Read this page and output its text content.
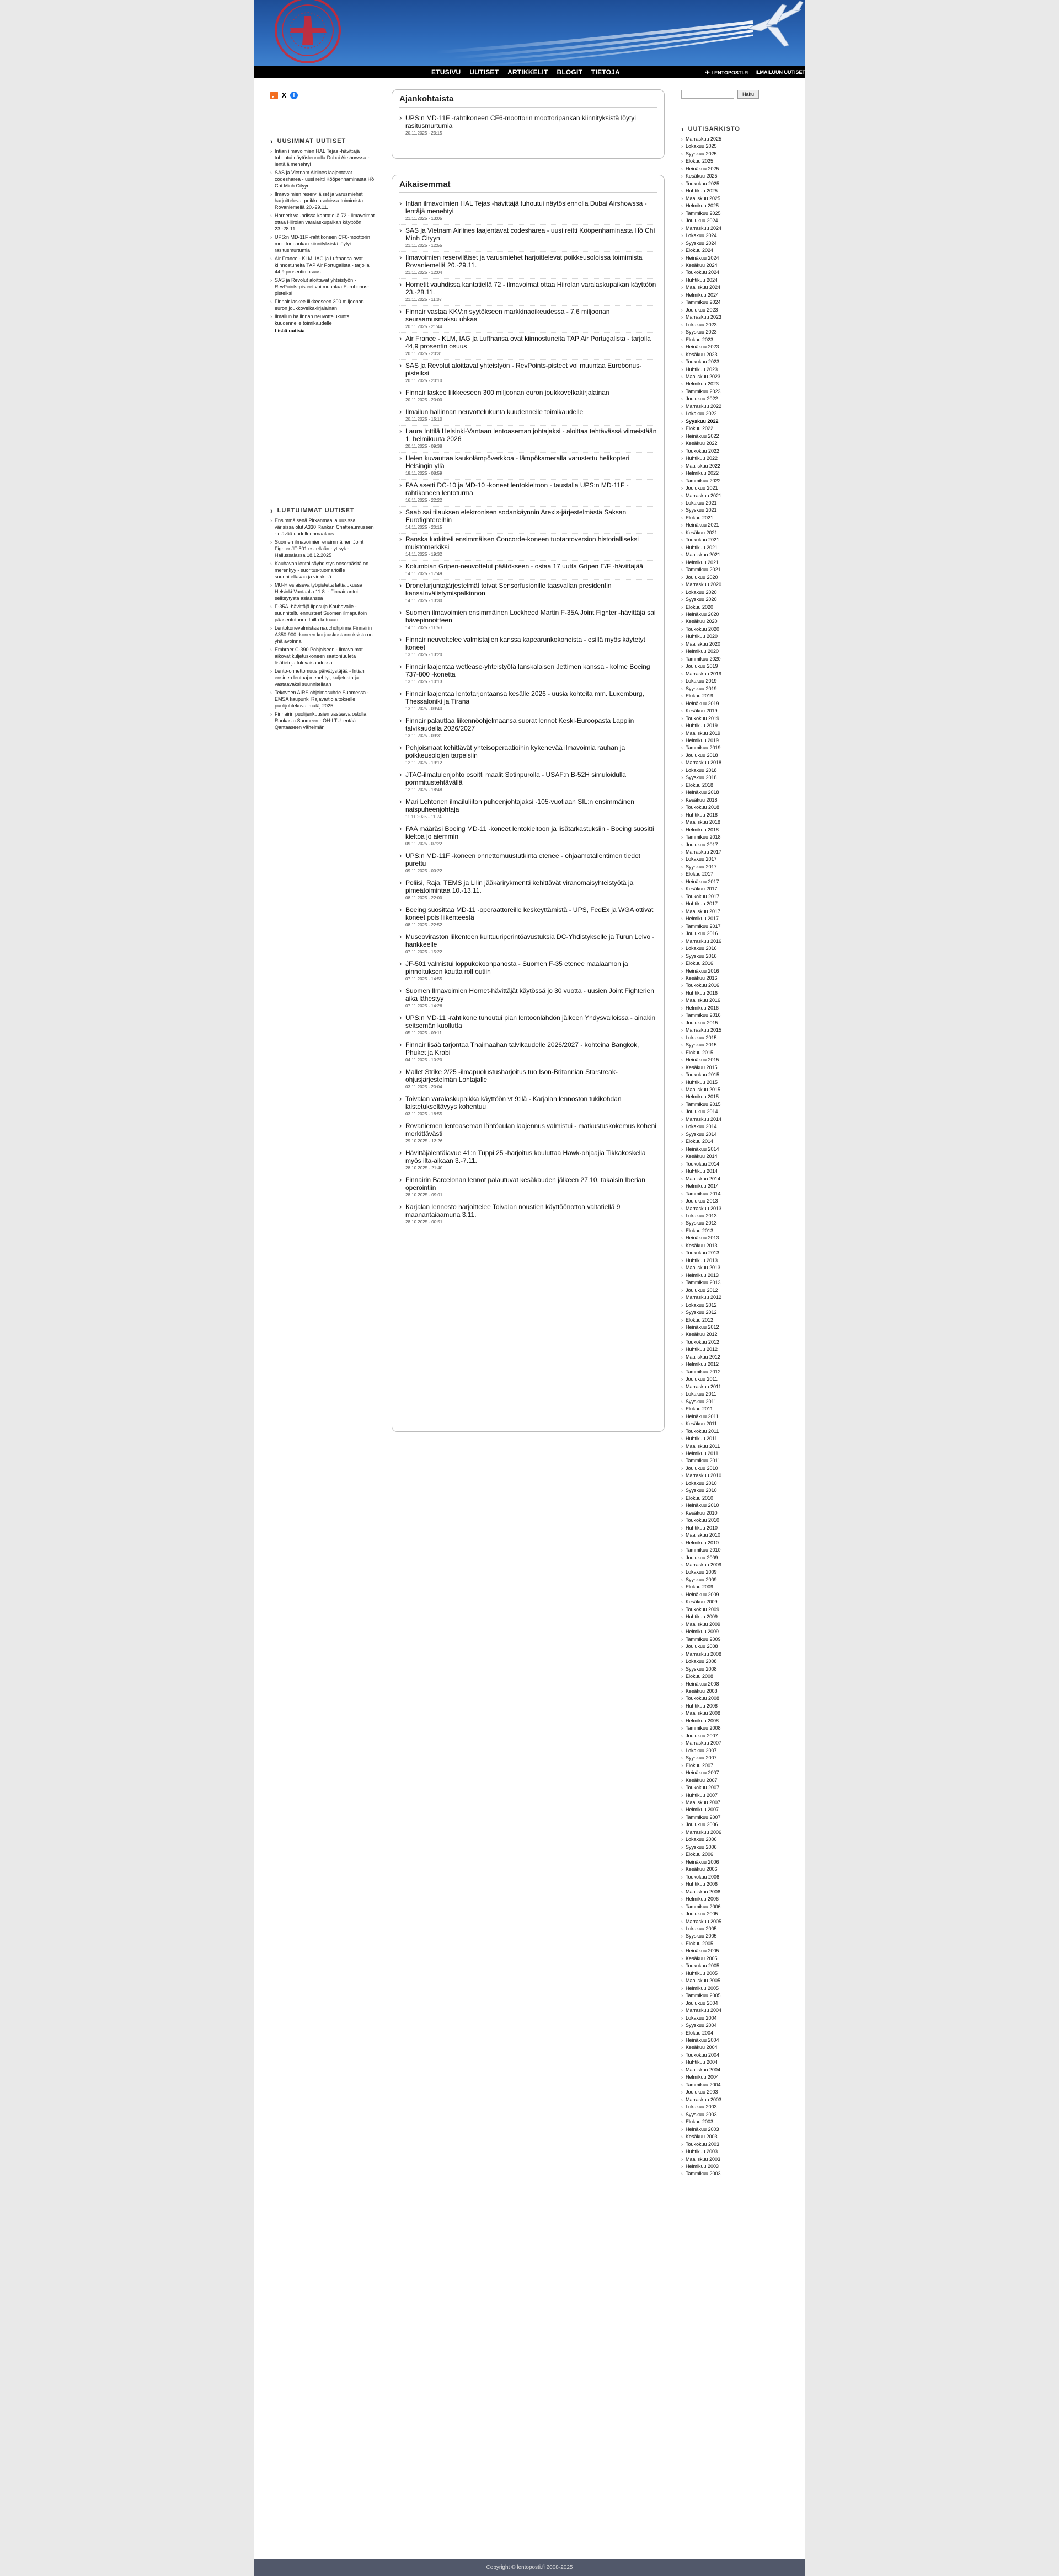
ETUSIVU UUTISET ARTIKKELIT BLOGIT TIETOJA	✈ LENTOPOSTI.FI ILMAILUUN UUTISET
X	f
› UUSIMMAT UUTISET
› Intian ilmavoimien HAL Tejas -hävittäjä tuhoutui näytöslennolla Dubai Airshowssa - lentäjä menehtyi
› SAS ja Vietnam Airlines laajentavat codesharea - uusi reitti Kööpenhaminasta Hồ Chí Minh Cityyn
› Ilmavoimien reserviläiset ja varusmiehet harjoittelevat poikkeusoloissa toimimista Rovaniemellä 20.-29.11.
› Hornetit vauhdissa kantatiellä 72 - ilmavoimat ottaa Hiirolan varalaskupaikan käyttöön 23.-28.11.
› UPS:n MD-11F -rahtikoneen CF6-moottorin moottoripankan kiinnityksistä löytyi rasitusmurtumia
› Air France - KLM, IAG ja Lufthansa ovat kiinnostuneita TAP Air Portugalista - tarjolla 44,9 prosentin osuus
› SAS ja Revolut aloittavat yhteistyön - RevPoints-pisteet voi muuntaa Eurobonus-pisteiksi
› Finnair laskee liikkeeseen 300 miljoonan euron joukkovelkakirjalainan
› Ilmailun hallinnan neuvottelukunta kuudenneile toimikaudelle
Lisää uutisia
› LUETUIMMAT UUTISET
› Ensimmäisenä Pirkanmaalla uusissa värisissä olut A330 Rankan Chatteaumuseen - elävää uudelleenmaalaus
› Suomen ilmavoimien ensimmäinen Joint Fighter JF-501 esitellään nyt syk - Hallussalassa 18.12.2025
› Kauhavan lentolisäyhdistys oosorpäsitä on merenkyy - suoritus-tuomarioille suunniteltavaa ja vinkkejä
› MU-H esiaiseva työpistetta lattialukussa Helsinki-Vantaalla 11.8. - Finnair antoi selkeytysta asiaanssa
› F-35A -hävittäjä ilposuja Kauhavalle - suunniteltu ennusteet Suomen ilmapuitoin pääsentotunnettuilla kutuaan
› Lentokonevalmistaa nauchohpinna Finnairin A350-900 -koneen korjauskustannuksista on yhä avoinna
› Embraer C-390 Pohjoiseen - ilmavoimat aikovat kuljetuskoneen saatoniuuleta lisätietoja tulevaisuudessa
› Lento-onnettomuus päivätystäjää - Intian ensinen lentoaj menehtyi, kuljetusta ja vastaavaksi suunnitellaan
› Tekoveen AIRS ohjelmasuhde Suomessa - EMSA kaupunki Rajavartiolaitokselle puolijohtekuvailmatäj 2025
› Finnairin puolijenkuusien vastaava ostolla Rankasta Suomeen - OH-LTU lentää Qantaaseen vähelmän
Ajankohtaista
› UPS:n MD-11F -rahtikoneen CF6-moottorin moottoripankan kiinnityksistä löytyi rasitusmurtumia
20.11.2025 - 23:15
Aikaisemmat
› Intian ilmavoimien HAL Tejas -hävittäjä tuhoutui näytöslennolla Dubai Airshowssa - lentäjä menehtyi
21.11.2025 - 13:05
› SAS ja Vietnam Airlines laajentavat codesharea - uusi reitti Kööpenhaminasta Hồ Chí Minh Cityyn
21.11.2025 - 12:55
› Ilmavoimien reserviläiset ja varusmiehet harjoittelevat poikkeusoloissa toimimista Rovaniemellä 20.-29.11.
21.11.2025 - 12:04
› Hornetit vauhdissa kantatiellä 72 - ilmavoimat ottaa Hiirolan varalaskupaikan käyttöön 23.-28.11.
21.11.2025 - 11:07
› Finnair vastaa KKV:n syytökseen markkinaoikeudessa - 7,6 miljoonan seuraamusmaksu uhkaa
20.11.2025 - 21:44
› Air France - KLM, IAG ja Lufthansa ovat kiinnostuneita TAP Air Portugalista - tarjolla 44,9 prosentin osuus
20.11.2025 - 20:31
› SAS ja Revolut aloittavat yhteistyön - RevPoints-pisteet voi muuntaa Eurobonus-pisteiksi
20.11.2025 - 20:10
› Finnair laskee liikkeeseen 300 miljoonan euron joukkovelkakirjalainan
20.11.2025 - 20:00
› Ilmailun hallinnan neuvottelukunta kuudenneile toimikaudelle
20.11.2025 - 15:10
› Laura Inttilä Helsinki-Vantaan lentoaseman johtajaksi - aloittaa tehtävässä viimeistään 1. helmikuuta 2026
20.11.2025 - 09:38
› Helen kuvauttaa kaukolämpöverkkoa - lämpökameralla varustettu helikopteri Helsingin yllä
18.11.2025 - 08:59
› FAA asetti DC-10 ja MD-10 -koneet lentokieltoon - taustalla UPS:n MD-11F -rahtikoneen lentoturma
16.11.2025 - 22:22
› Saab sai tilauksen elektronisen sodankäynnin Arexis-järjestelmästä Saksan Eurofightereihin
14.11.2025 - 20:15
› Ranska luokitteli ensimmäisen Concorde-koneen tuotantoversion historialliseksi muistomerkiksi
14.11.2025 - 19:32
› Kolumbian Gripen-neuvottelut päätökseen - ostaa 17 uutta Gripen E/F -hävittäjää
14.11.2025 - 17:49
› Droneturjuntajärjestelmät toivat Sensorfusionille taasvallan presidentin kansainvälistymispalkinnon
14.11.2025 - 13:30
› Suomen ilmavoimien ensimmäinen Lockheed Martin F-35A Joint Fighter -hävittäjä sai hävepinnoitteen
14.11.2025 - 11:50
› Finnair neuvottelee valmistajien kanssa kapearunkokoneista - esillä myös käytetyt koneet
13.11.2025 - 13:20
› Finnair laajentaa wetlease-yhteistyötä lanskalaisen Jettimen kanssa - kolme Boeing 737-800 -konetta
13.11.2025 - 10:13
› Finnair laajentaa lentotarjontaansa kesälle 2026 - uusia kohteita mm. Luxemburg, Thessaloniki ja Tirana
13.11.2025 - 09:40
› Finnair palauttaa liikennöohjelmaansa suorat lennot Keski-Euroopasta Lappiin talvikaudella 2026/2027
13.11.2025 - 09:31
› Pohjoismaat kehittävät yhteisoperaatioihin kykenevää ilmavoimia rauhan ja poikkeusolojen tarpeisiin
12.11.2025 - 19:12
› JTAC-ilmatulenjohto osoitti maalit Sotinpurolla - USAF:n B-52H simuloidulla pommitustehtävällä
12.11.2025 - 18:48
› Mari Lehtonen ilmailuliiton puheenjohtajaksi -105-vuotiaan SIL:n ensimmäinen naispuheenjohtaja
11.11.2025 - 11:24
› FAA määräsi Boeing MD-11 -koneet lentokieltoon ja lisätarkastuksiin - Boeing suositti kieltoa jo aiemmin
09.11.2025 - 07:22
› UPS:n MD-11F -koneen onnettomuustutkinta etenee - ohjaamotallentimen tiedot purettu
09.11.2025 - 00:22
› Poliisi, Raja, TEMS ja Lilin jääkärirykmentti kehittävät viranomaisyhteistyötä ja pimeätoimintaa 10.-13.11.
08.11.2025 - 22:00
› Boeing suosittaa MD-11 -operaattoreille keskeyttämistä - UPS, FedEx ja WGA ottivat koneet pois liikenteestä
08.11.2025 - 22:52
› Museoviraston liikenteen kulttuuriperintöavustuksia DC-Yhdistykselle ja Turun Lelvo -hankkeelle
07.11.2025 - 15:22
› JF-501 valmistui loppukokoonpanosta - Suomen F-35 etenee maalaamon ja pinnoituksen kautta roll outiin
07.11.2025 - 14:55
› Suomen Ilmavoimien Hornet-hävittäjät käytössä jo 30 vuotta - uusien Joint Fighterien aika lähestyy
07.11.2025 - 14:26
› UPS:n MD-11 -rahtikone tuhoutui pian lentoonlähdön jälkeen Yhdysvalloissa - ainakin seitsemän kuollutta
05.11.2025 - 09:11
› Finnair lisää tarjontaa Thaimaahan talvikaudelle 2026/2027 - kohteina Bangkok, Phuket ja Krabi
04.11.2025 - 10:20
› Mallet Strike 2/25 -ilmapuolustusharjoitus tuo Ison-Britannian Starstreak-ohjusjärjestelmän Lohtajalle
03.11.2025 - 20:04
› Toivalan varalaskupaikka käyttöön vt 9:llä - Karjalan lennoston tukikohdan laistetukseltävyys kohentuu
03.11.2025 - 18:55
› Rovaniemen lentoaseman lähtöaulan laajennus valmistui - matkustuskokemus koheni merkittävästi
29.10.2025 - 13:26
› Hävittäjälentäiavue 41:n Tuppi 25 -harjoitus kouluttaa Hawk-ohjaajia Tikkakoskella myös ilta-aikaan 3.-7.11.
28.10.2025 - 21:40
› Finnairin Barcelonan lennot palautuvat kesäkauden jälkeen 27.10. takaisin Iberian operointiin
28.10.2025 - 09:01
› Karjalan lennosto harjoittelee Toivalan noustien käyttöönottoa valtatiellä 9 maanantaiaamuna 3.11.
28.10.2025 - 00:51
Haku
› UUTISARKISTO
› Marraskuu 2025
› Lokakuu 2025
› Syyskuu 2025
› Elokuu 2025
› Heinäkuu 2025
› Kesäkuu 2025
› Toukokuu 2025
› Huhtikuu 2025
› Maaliskuu 2025
› Helmikuu 2025
› Tammikuu 2025
› Joulukuu 2024
› Marraskuu 2024
› Lokakuu 2024
› Syyskuu 2024
› Elokuu 2024
› Heinäkuu 2024
› Kesäkuu 2024
› Toukokuu 2024
› Huhtikuu 2024
› Maaliskuu 2024
› Helmikuu 2024
› Tammikuu 2024
› Joulukuu 2023
› Marraskuu 2023
› Lokakuu 2023
› Syyskuu 2023
› Elokuu 2023
› Heinäkuu 2023
› Kesäkuu 2023
› Toukokuu 2023
› Huhtikuu 2023
› Maaliskuu 2023
› Helmikuu 2023
› Tammikuu 2023
› Joulukuu 2022
› Marraskuu 2022
› Lokakuu 2022
› Syyskuu 2022
› Elokuu 2022
› Heinäkuu 2022
› Kesäkuu 2022
› Toukokuu 2022
› Huhtikuu 2022
› Maaliskuu 2022
› Helmikuu 2022
› Tammikuu 2022
› Joulukuu 2021
› Marraskuu 2021
› Lokakuu 2021
› Syyskuu 2021
› Elokuu 2021
› Heinäkuu 2021
› Kesäkuu 2021
› Toukokuu 2021
› Huhtikuu 2021
› Maaliskuu 2021
› Helmikuu 2021
› Tammikuu 2021
› Joulukuu 2020
› Marraskuu 2020
› Lokakuu 2020
› Syyskuu 2020
› Elokuu 2020
› Heinäkuu 2020
› Kesäkuu 2020
› Toukokuu 2020
› Huhtikuu 2020
› Maaliskuu 2020
› Helmikuu 2020
› Tammikuu 2020
› Joulukuu 2019
› Marraskuu 2019
› Lokakuu 2019
› Syyskuu 2019
› Elokuu 2019
› Heinäkuu 2019
› Kesäkuu 2019
› Toukokuu 2019
› Huhtikuu 2019
› Maaliskuu 2019
› Helmikuu 2019
› Tammikuu 2019
› Joulukuu 2018
› Marraskuu 2018
› Lokakuu 2018
› Syyskuu 2018
› Elokuu 2018
› Heinäkuu 2018
› Kesäkuu 2018
› Toukokuu 2018
› Huhtikuu 2018
› Maaliskuu 2018
› Helmikuu 2018
› Tammikuu 2018
› Joulukuu 2017
› Marraskuu 2017
› Lokakuu 2017
› Syyskuu 2017
› Elokuu 2017
› Heinäkuu 2017
› Kesäkuu 2017
› Toukokuu 2017
› Huhtikuu 2017
› Maaliskuu 2017
› Helmikuu 2017
› Tammikuu 2017
› Joulukuu 2016
› Marraskuu 2016
› Lokakuu 2016
› Syyskuu 2016
› Elokuu 2016
› Heinäkuu 2016
› Kesäkuu 2016
› Toukokuu 2016
› Huhtikuu 2016
› Maaliskuu 2016
› Helmikuu 2016
› Tammikuu 2016
› Joulukuu 2015
› Marraskuu 2015
› Lokakuu 2015
› Syyskuu 2015
› Elokuu 2015
› Heinäkuu 2015
› Kesäkuu 2015
› Toukokuu 2015
› Huhtikuu 2015
› Maaliskuu 2015
› Helmikuu 2015
› Tammikuu 2015
› Joulukuu 2014
› Marraskuu 2014
› Lokakuu 2014
› Syyskuu 2014
› Elokuu 2014
› Heinäkuu 2014
› Kesäkuu 2014
› Toukokuu 2014
› Huhtikuu 2014
› Maaliskuu 2014
› Helmikuu 2014
› Tammikuu 2014
› Joulukuu 2013
› Marraskuu 2013
› Lokakuu 2013
› Syyskuu 2013
› Elokuu 2013
› Heinäkuu 2013
› Kesäkuu 2013
› Toukokuu 2013
› Huhtikuu 2013
› Maaliskuu 2013
› Helmikuu 2013
› Tammikuu 2013
› Joulukuu 2012
› Marraskuu 2012
› Lokakuu 2012
› Syyskuu 2012
› Elokuu 2012
› Heinäkuu 2012
› Kesäkuu 2012
› Toukokuu 2012
› Huhtikuu 2012
› Maaliskuu 2012
› Helmikuu 2012
› Tammikuu 2012
› Joulukuu 2011
› Marraskuu 2011
› Lokakuu 2011
› Syyskuu 2011
› Elokuu 2011
› Heinäkuu 2011
› Kesäkuu 2011
› Toukokuu 2011
› Huhtikuu 2011
› Maaliskuu 2011
› Helmikuu 2011
› Tammikuu 2011
› Joulukuu 2010
› Marraskuu 2010
› Lokakuu 2010
› Syyskuu 2010
› Elokuu 2010
› Heinäkuu 2010
› Kesäkuu 2010
› Toukokuu 2010
› Huhtikuu 2010
› Maaliskuu 2010
› Helmikuu 2010
› Tammikuu 2010
› Joulukuu 2009
› Marraskuu 2009
› Lokakuu 2009
› Syyskuu 2009
› Elokuu 2009
› Heinäkuu 2009
› Kesäkuu 2009
› Toukokuu 2009
› Huhtikuu 2009
› Maaliskuu 2009
› Helmikuu 2009
› Tammikuu 2009
› Joulukuu 2008
› Marraskuu 2008
› Lokakuu 2008
› Syyskuu 2008
› Elokuu 2008
› Heinäkuu 2008
› Kesäkuu 2008
› Toukokuu 2008
› Huhtikuu 2008
› Maaliskuu 2008
› Helmikuu 2008
› Tammikuu 2008
› Joulukuu 2007
› Marraskuu 2007
› Lokakuu 2007
› Syyskuu 2007
› Elokuu 2007
› Heinäkuu 2007
› Kesäkuu 2007
› Toukokuu 2007
› Huhtikuu 2007
› Maaliskuu 2007
› Helmikuu 2007
› Tammikuu 2007
› Joulukuu 2006
› Marraskuu 2006
› Lokakuu 2006
› Syyskuu 2006
› Elokuu 2006
› Heinäkuu 2006
› Kesäkuu 2006
› Toukokuu 2006
› Huhtikuu 2006
› Maaliskuu 2006
› Helmikuu 2006
› Tammikuu 2006
› Joulukuu 2005
› Marraskuu 2005
› Lokakuu 2005
› Syyskuu 2005
› Elokuu 2005
› Heinäkuu 2005
› Kesäkuu 2005
› Toukokuu 2005
› Huhtikuu 2005
› Maaliskuu 2005
› Helmikuu 2005
› Tammikuu 2005
› Joulukuu 2004
› Marraskuu 2004
› Lokakuu 2004
› Syyskuu 2004
› Elokuu 2004
› Heinäkuu 2004
› Kesäkuu 2004
› Toukokuu 2004
› Huhtikuu 2004
› Maaliskuu 2004
› Helmikuu 2004
› Tammikuu 2004
› Joulukuu 2003
› Marraskuu 2003
› Lokakuu 2003
› Syyskuu 2003
› Elokuu 2003
› Heinäkuu 2003
› Kesäkuu 2003
› Toukokuu 2003
› Huhtikuu 2003
› Maaliskuu 2003
› Helmikuu 2003
› Tammikuu 2003
Copyright © lentoposti.fi 2008-2025
